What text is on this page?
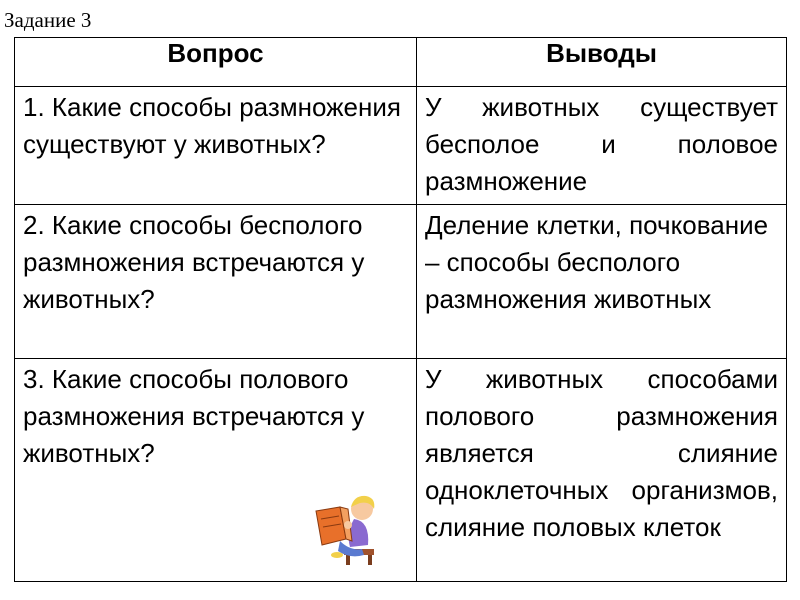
Задание 3
Вопрос	Выводы

1. Какие способы размножения существуют у животных?	У животных существует бесполое и половое размножение

2. Какие способы бесполого размножения встречаются у животных?	Деление клетки, почкование – способы бесполого размножения животных

3. Какие способы полового размножения встречаются у животных?	У животных способами полового размножения является слияние одноклеточных организмов, слияние половых клеток
